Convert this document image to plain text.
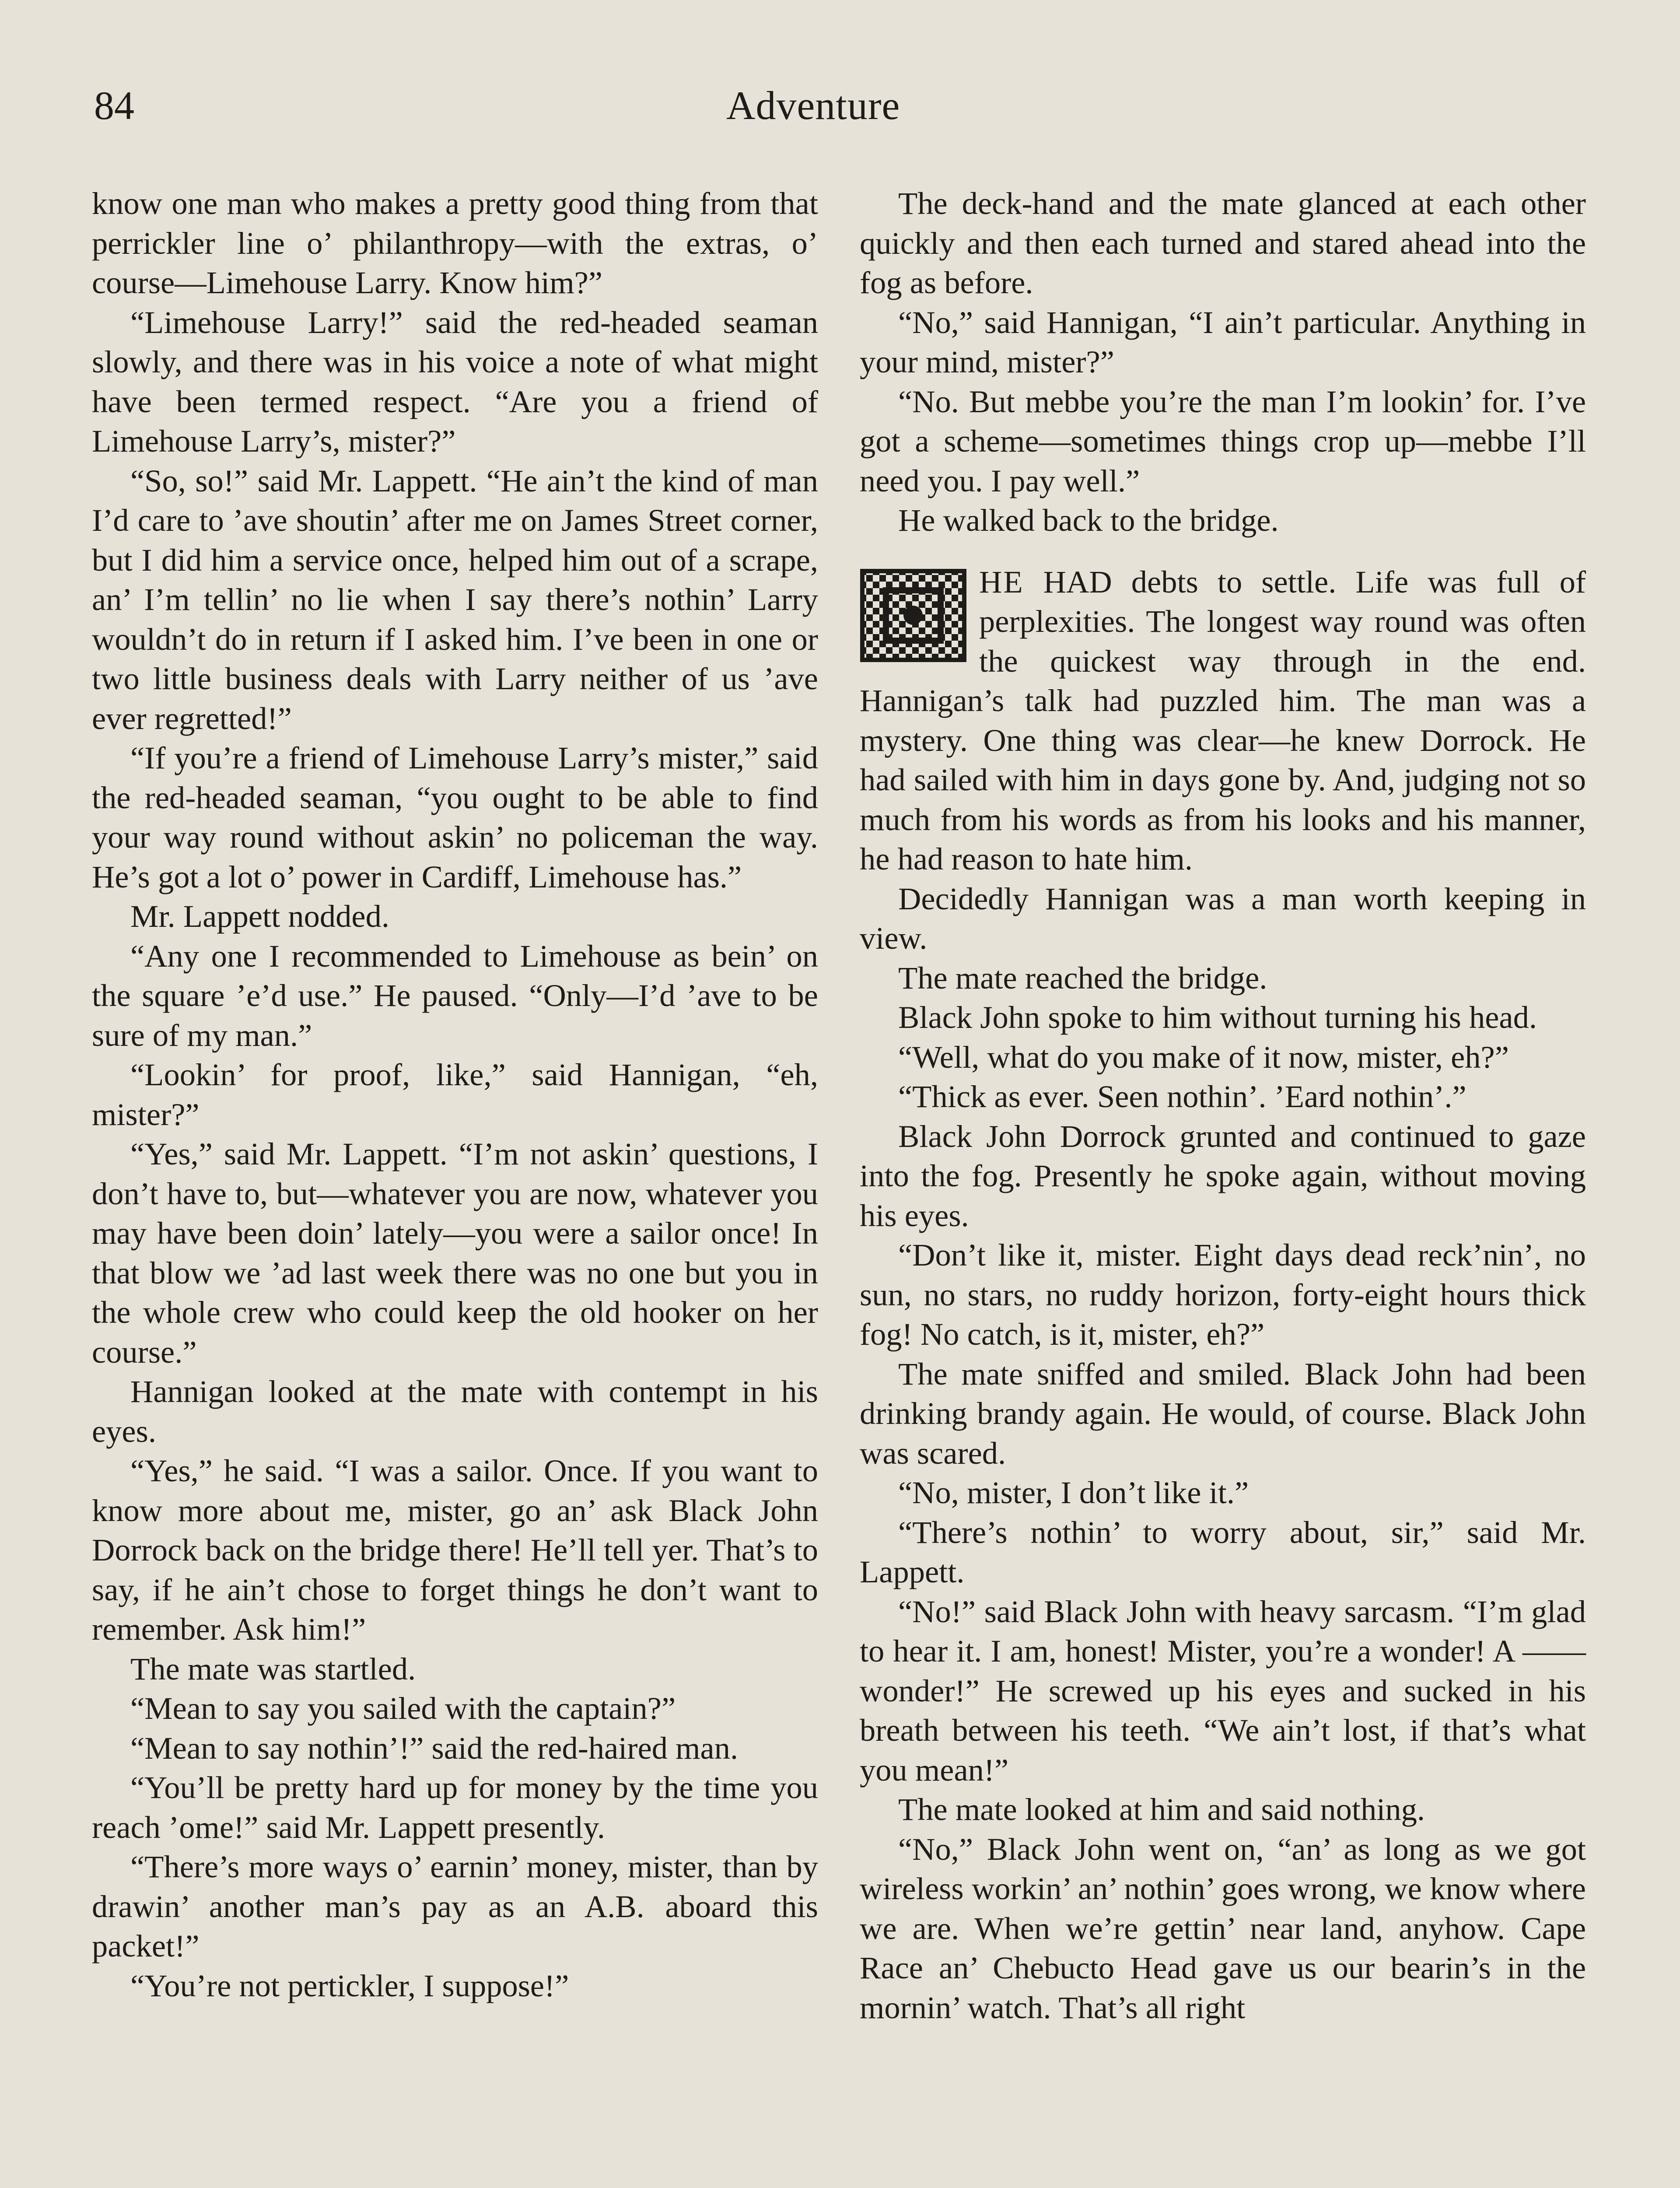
84	Adventure

know one man who makes a pretty good thing from that perrickler line o’ philanthropy—with the extras, o’ course—Limehouse Larry. Know him?”

“Limehouse Larry!” said the red-headed seaman slowly, and there was in his voice a note of what might have been termed respect. “Are you a friend of Limehouse Larry’s, mister?”

“So, so!” said Mr. Lappett. “He ain’t the kind of man I’d care to ’ave shoutin’ after me on James Street corner, but I did him a service once, helped him out of a scrape, an’ I’m tellin’ no lie when I say there’s nothin’ Larry wouldn’t do in return if I asked him. I’ve been in one or two little business deals with Larry neither of us ’ave ever regretted!”

“If you’re a friend of Limehouse Larry’s mister,” said the red-headed seaman, “you ought to be able to find your way round without askin’ no policeman the way. He’s got a lot o’ power in Cardiff, Limehouse has.”

Mr. Lappett nodded.

“Any one I recommended to Limehouse as bein’ on the square ’e’d use.” He paused. “Only—I’d ’ave to be sure of my man.”

“Lookin’ for proof, like,” said Hannigan, “eh, mister?”

“Yes,” said Mr. Lappett. “I’m not askin’ questions, I don’t have to, but—whatever you are now, whatever you may have been doin’ lately—you were a sailor once! In that blow we ’ad last week there was no one but you in the whole crew who could keep the old hooker on her course.”

Hannigan looked at the mate with contempt in his eyes.

“Yes,” he said. “I was a sailor. Once. If you want to know more about me, mister, go an’ ask Black John Dorrock back on the bridge there! He’ll tell yer. That’s to say, if he ain’t chose to forget things he don’t want to remember. Ask him!”

The mate was startled.

“Mean to say you sailed with the captain?”

“Mean to say nothin’!” said the red-haired man.

“You’ll be pretty hard up for money by the time you reach ’ome!” said Mr. Lappett presently.

“There’s more ways o’ earnin’ money, mister, than by drawin’ another man’s pay as an A.B. aboard this packet!”

“You’re not pertickler, I suppose!”

The deck-hand and the mate glanced at each other quickly and then each turned and stared ahead into the fog as before.

“No,” said Hannigan, “I ain’t particular. Anything in your mind, mister?”

“No. But mebbe you’re the man I’m lookin’ for. I’ve got a scheme—sometimes things crop up—mebbe I’ll need you. I pay well.”

He walked back to the bridge.

HE HAD debts to settle. Life was full of perplexities. The longest way round was often the quickest way through in the end. Hannigan’s talk had puzzled him. The man was a mystery. One thing was clear—he knew Dorrock. He had sailed with him in days gone by. And, judging not so much from his words as from his looks and his manner, he had reason to hate him.

Decidedly Hannigan was a man worth keeping in view.

The mate reached the bridge.

Black John spoke to him without turning his head.

“Well, what do you make of it now, mister, eh?”

“Thick as ever. Seen nothin’. ’Eard nothin’.”

Black John Dorrock grunted and continued to gaze into the fog. Presently he spoke again, without moving his eyes.

“Don’t like it, mister. Eight days dead reck’nin’, no sun, no stars, no ruddy horizon, forty-eight hours thick fog! No catch, is it, mister, eh?”

The mate sniffed and smiled. Black John had been drinking brandy again. He would, of course. Black John was scared.

“No, mister, I don’t like it.”

“There’s nothin’ to worry about, sir,” said Mr. Lappett.

“No!” said Black John with heavy sarcasm. “I’m glad to hear it. I am, honest! Mister, you’re a wonder! A —— wonder!” He screwed up his eyes and sucked in his breath between his teeth. “We ain’t lost, if that’s what you mean!”

The mate looked at him and said nothing.

“No,” Black John went on, “an’ as long as we got wireless workin’ an’ nothin’ goes wrong, we know where we are. When we’re gettin’ near land, anyhow. Cape Race an’ Chebucto Head gave us our bearin’s in the mornin’ watch. That’s all right
